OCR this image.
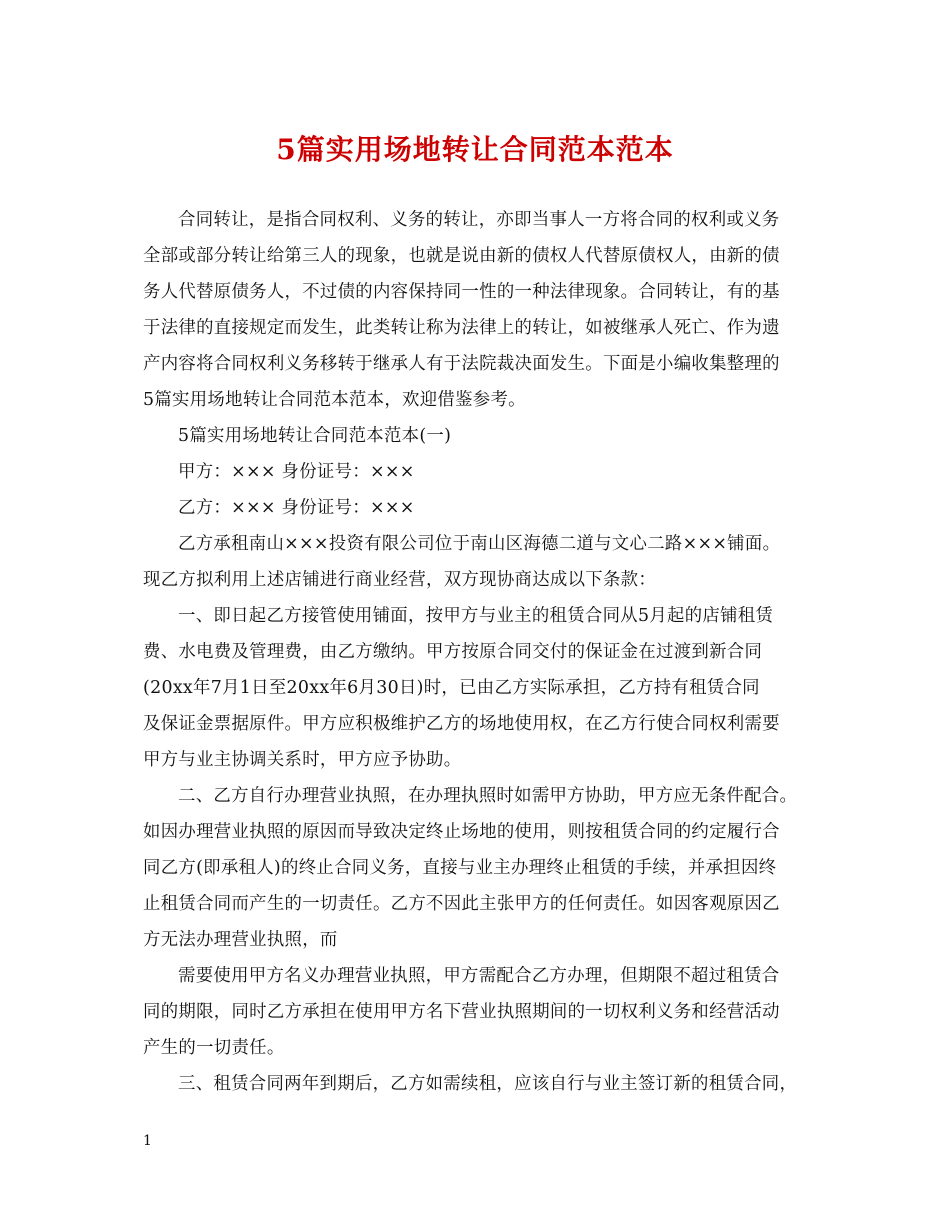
5篇实用场地转让合同范本范本
合同转让，是指合同权利、义务的转让，亦即当事人一方将合同的权利或义务
全部或部分转让给第三人的现象，也就是说由新的债权人代替原债权人，由新的债
务人代替原债务人，不过债的内容保持同一性的一种法律现象。合同转让，有的基
于法律的直接规定而发生，此类转让称为法律上的转让，如被继承人死亡、作为遗
产内容将合同权利义务移转于继承人有于法院裁决面发生。下面是小编收集整理的
5篇实用场地转让合同范本范本，欢迎借鉴参考。
5篇实用场地转让合同范本范本(一)
甲方：××× 身份证号：×××
乙方：××× 身份证号：×××
乙方承租南山×××投资有限公司位于南山区海德二道与文心二路×××铺面。
现乙方拟利用上述店铺进行商业经营，双方现协商达成以下条款：
一、即日起乙方接管使用铺面，按甲方与业主的租赁合同从5月起的店铺租赁
费、水电费及管理费，由乙方缴纳。甲方按原合同交付的保证金在过渡到新合同
(20xx年7月1日至20xx年6月30日)时，已由乙方实际承担，乙方持有租赁合同
及保证金票据原件。甲方应积极维护乙方的场地使用权，在乙方行使合同权利需要
甲方与业主协调关系时，甲方应予协助。
二、乙方自行办理营业执照，在办理执照时如需甲方协助，甲方应无条件配合。
如因办理营业执照的原因而导致决定终止场地的使用，则按租赁合同的约定履行合
同乙方(即承租人)的终止合同义务，直接与业主办理终止租赁的手续，并承担因终
止租赁合同而产生的一切责任。乙方不因此主张甲方的任何责任。如因客观原因乙
方无法办理营业执照，而
需要使用甲方名义办理营业执照，甲方需配合乙方办理，但期限不超过租赁合
同的期限，同时乙方承担在使用甲方名下营业执照期间的一切权利义务和经营活动
产生的一切责任。
三、租赁合同两年到期后，乙方如需续租，应该自行与业主签订新的租赁合同，
1
